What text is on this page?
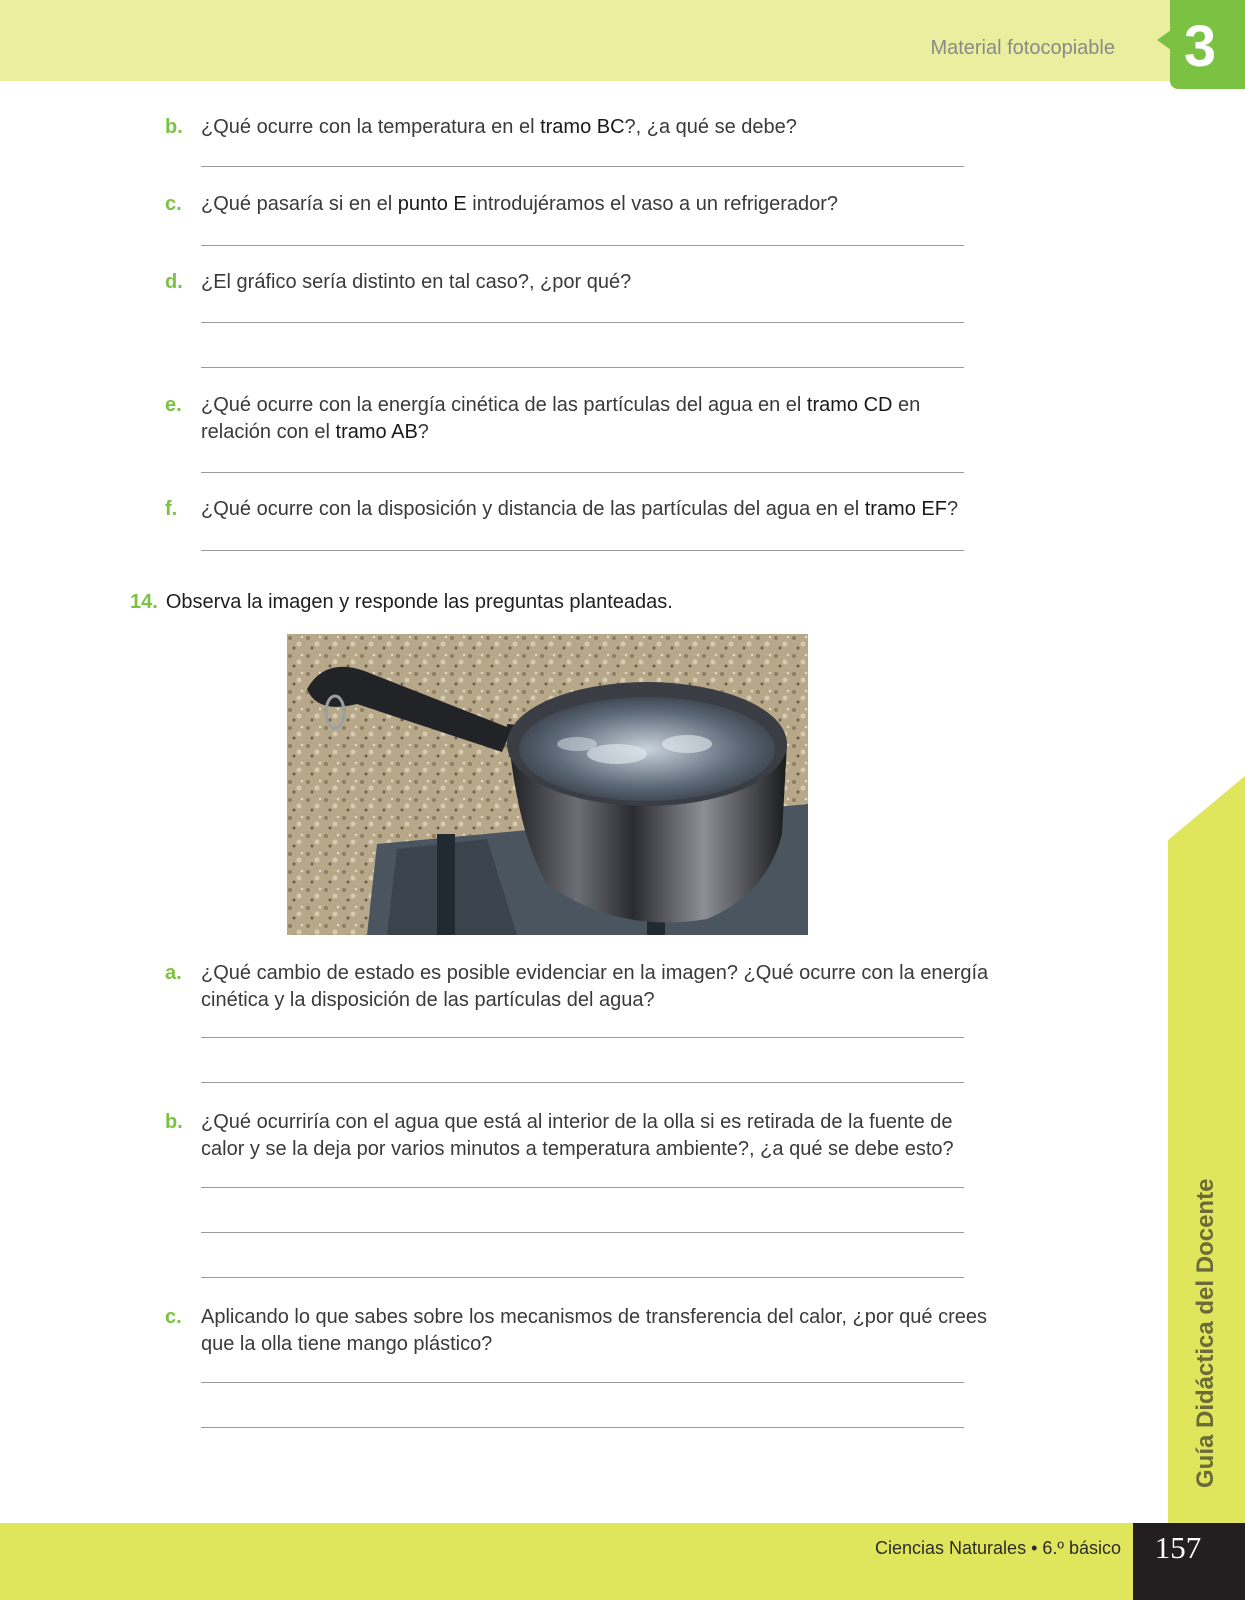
Material fotocopiable 3
b. ¿Qué ocurre con la temperatura en el tramo BC?, ¿a qué se debe?
c. ¿Qué pasaría si en el punto E introdujéramos el vaso a un refrigerador?
d. ¿El gráfico sería distinto en tal caso?, ¿por qué?
e. ¿Qué ocurre con la energía cinética de las partículas del agua en el tramo CD en
relación con el tramo AB?
f. ¿Qué ocurre con la disposición y distancia de las partículas del agua en el tramo EF?
14. Observa la imagen y responde las preguntas planteadas.
a. ¿Qué cambio de estado es posible evidenciar en la imagen? ¿Qué ocurre con la energía
cinética y la disposición de las partículas del agua?
b. ¿Qué ocurriría con el agua que está al interior de la olla si es retirada de la fuente de
calor y se la deja por varios minutos a temperatura ambiente?, ¿a qué se debe esto?
c. Aplicando lo que sabes sobre los mecanismos de transferencia del calor, ¿por qué crees
que la olla tiene mango plástico?	Guía Didáctica del Docente
Ciencias Naturales • 6.º básico	157
